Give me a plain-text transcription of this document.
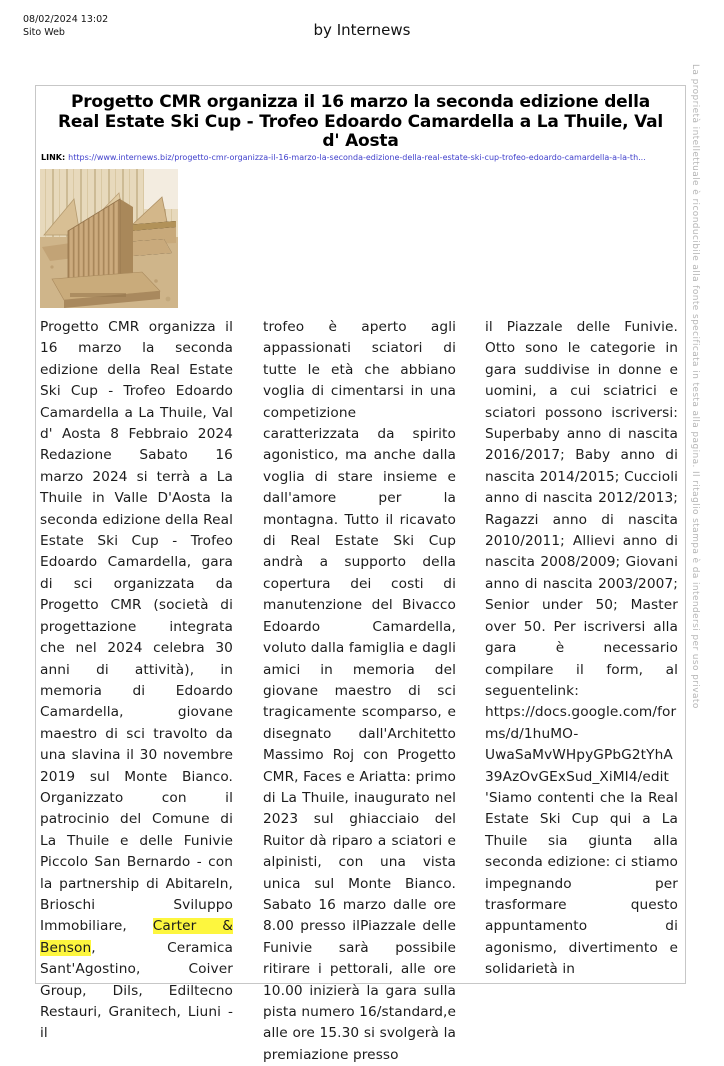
08/02/2024 13:02
Sito Web	by Internews
Progetto CMR organizza il 16 marzo la seconda edizione della Real Estate Ski Cup - Trofeo Edoardo Camardella a La Thuile, Val d' Aosta
LINK: https://www.internews.biz/progetto-cmr-organizza-il-16-marzo-la-seconda-edizione-della-real-estate-ski-cup-trofeo-edoardo-camardella-a-la-th...
Progetto CMR organizza il 16 marzo la seconda edizione della Real Estate Ski Cup - Trofeo Edoardo Camardella a La Thuile, Val d' Aosta 8 Febbraio 2024 Redazione Sabato 16 marzo 2024 si terrà a La Thuile in Valle D'Aosta la seconda edizione della Real Estate Ski Cup - Trofeo Edoardo Camardella, gara di sci organizzata da Progetto CMR (società di progettazione integrata che nel 2024 celebra 30 anni di attività), in memoria di Edoardo Camardella, giovane maestro di sci travolto da una slavina il 30 novembre 2019 sul Monte Bianco. Organizzato con il patrocinio del Comune di La Thuile e delle Funivie Piccolo San Bernardo - con la partnership di AbitareIn, Brioschi Sviluppo Immobiliare, Carter & Benson, Ceramica Sant'Agostino, Coiver Group, Dils, Ediltecno Restauri, Granitech, Liuni -il
trofeo è aperto agli appassionati sciatori di tutte le età che abbiano voglia di cimentarsi in una competizione caratterizzata da spirito agonistico, ma anche dalla voglia di stare insieme e dall'amore per la montagna. Tutto il ricavato di Real Estate Ski Cup andrà a supporto della copertura dei costi di manutenzione del Bivacco Edoardo Camardella, voluto dalla famiglia e dagli amici in memoria del giovane maestro di sci tragicamente scomparso, e disegnato dall'Architetto Massimo Roj con Progetto CMR, Faces e Ariatta: primo di La Thuile, inaugurato nel 2023 sul ghiacciaio del Ruitor dà riparo a sciatori e alpinisti, con una vista unica sul Monte Bianco. Sabato 16 marzo dalle ore 8.00 presso ilPiazzale delle Funivie sarà possibile ritirare i pettorali, alle ore 10.00 inizierà la gara sulla pista numero 16/standard,e alle ore 15.30 si svolgerà la premiazione presso
il Piazzale delle Funivie. Otto sono le categorie in gara suddivise in donne e uomini, a cui sciatrici e sciatori possono iscriversi: Superbaby anno di nascita 2016/2017; Baby anno di nascita 2014/2015; Cuccioli anno di nascita 2012/2013; Ragazzi anno di nascita 2010/2011; Allievi anno di nascita 2008/2009; Giovani anno di nascita 2003/2007; Senior under 50; Master over 50. Per iscriversi alla gara è necessario compilare il form, al seguentelink: https://docs.google.com/forms/d/1huMO-UwaSaMvWHpyGPbG2tYhA39AzOvGExSud_XiMI4/edit 'Siamo contenti che la Real Estate Ski Cup qui a La Thuile sia giunta alla seconda edizione: ci stiamo impegnando per trasformare questo appuntamento di agonismo, divertimento e solidarietà in
La proprietà intellettuale è riconducibile alla fonte specificata in testa alla pagina. Il ritaglio stampa è da intendersi per uso privato
